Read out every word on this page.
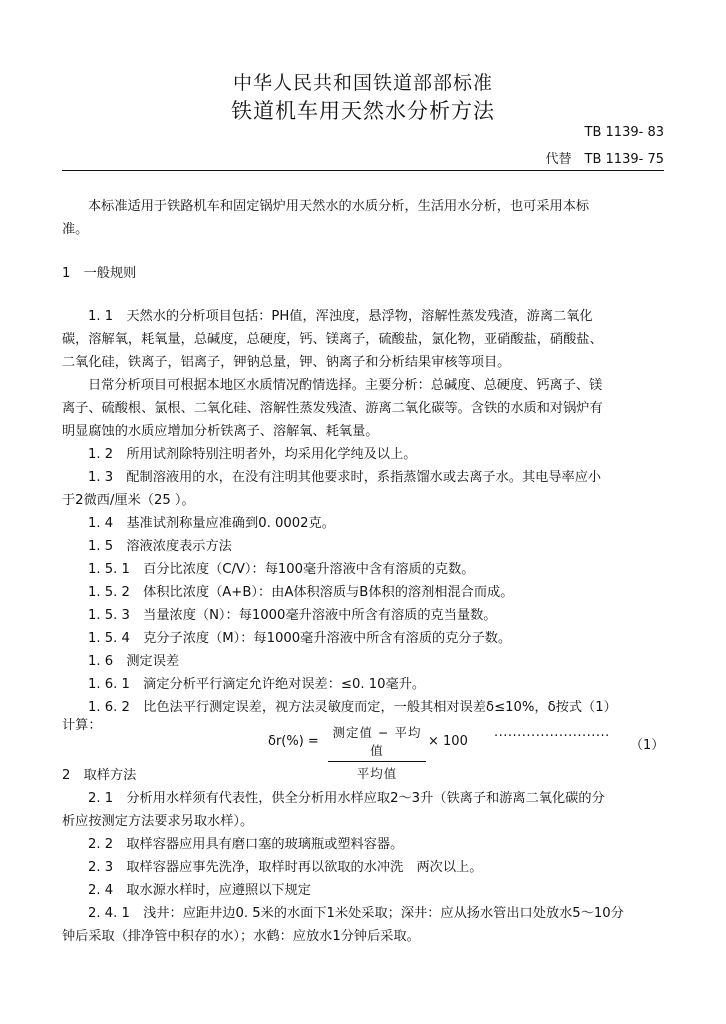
中华人民共和国铁道部部标准
铁道机车用天然水分析方法
TB 1139- 83
代替　TB 1139- 75
本标准适用于铁路机车和固定锅炉用天然水的水质分析，生活用水分析，也可采用本标
准。
1　一般规则
1. 1　天然水的分析项目包括：PH值，浑浊度，悬浮物，溶解性蒸发残渣，游离二氧化
碳，溶解氧，耗氧量，总碱度，总硬度，钙、镁离子，硫酸盐，氯化物，亚硝酸盐，硝酸盐、
二氧化硅，铁离子，铝离子，钾钠总量，钾、钠离子和分析结果审核等项目。
日常分析项目可根据本地区水质情况酌情选择。主要分析：总碱度、总硬度、钙离子、镁
离子、硫酸根、氯根、二氧化硅、溶解性蒸发残渣、游离二氧化碳等。含铁的水质和对锅炉有
明显腐蚀的水质应增加分析铁离子、溶解氧、耗氧量。
1. 2　所用试剂除特别注明者外，均采用化学纯及以上。
1. 3　配制溶液用的水，在没有注明其他要求时，系指蒸馏水或去离子水。其电导率应小
于2微西/厘米（25 ）。
1. 4　基准试剂称量应准确到0. 0002克。
1. 5　溶液浓度表示方法
1. 5. 1　百分比浓度（C/V）：每100毫升溶液中含有溶质的克数。
1. 5. 2　体积比浓度（A+B）：由A体积溶质与B体积的溶剂相混合而成。
1. 5. 3　当量浓度（N）：每1000毫升溶液中所含有溶质的克当量数。
1. 5. 4　克分子浓度（M）：每1000毫升溶液中所含有溶质的克分子数。
1. 6　测定误差
1. 6. 1　滴定分析平行滴定允许绝对误差：≤0. 10毫升。
1. 6. 2　比色法平行测定误差，视方法灵敏度而定，一般其相对误差δ≤10%，δ按式（1）
计算：
δr(%) =
测定值 − 平均值
平均值
× 100 ·························
（1）
2　取样方法
2. 1　分析用水样须有代表性，供全分析用水样应取2～3升（铁离子和游离二氧化碳的分
析应按测定方法要求另取水样）。
2. 2　取样容器应用具有磨口塞的玻璃瓶或塑料容器。
2. 3　取样容器应事先洗净，取样时再以欲取的水冲洗　两次以上。
2. 4　取水源水样时，应遵照以下规定
2. 4. 1　浅井：应距井边0. 5米的水面下1米处采取；深井：应从扬水管出口处放水5～10分
钟后采取（排净管中积存的水）；水鹤：应放水1分钟后采取。
